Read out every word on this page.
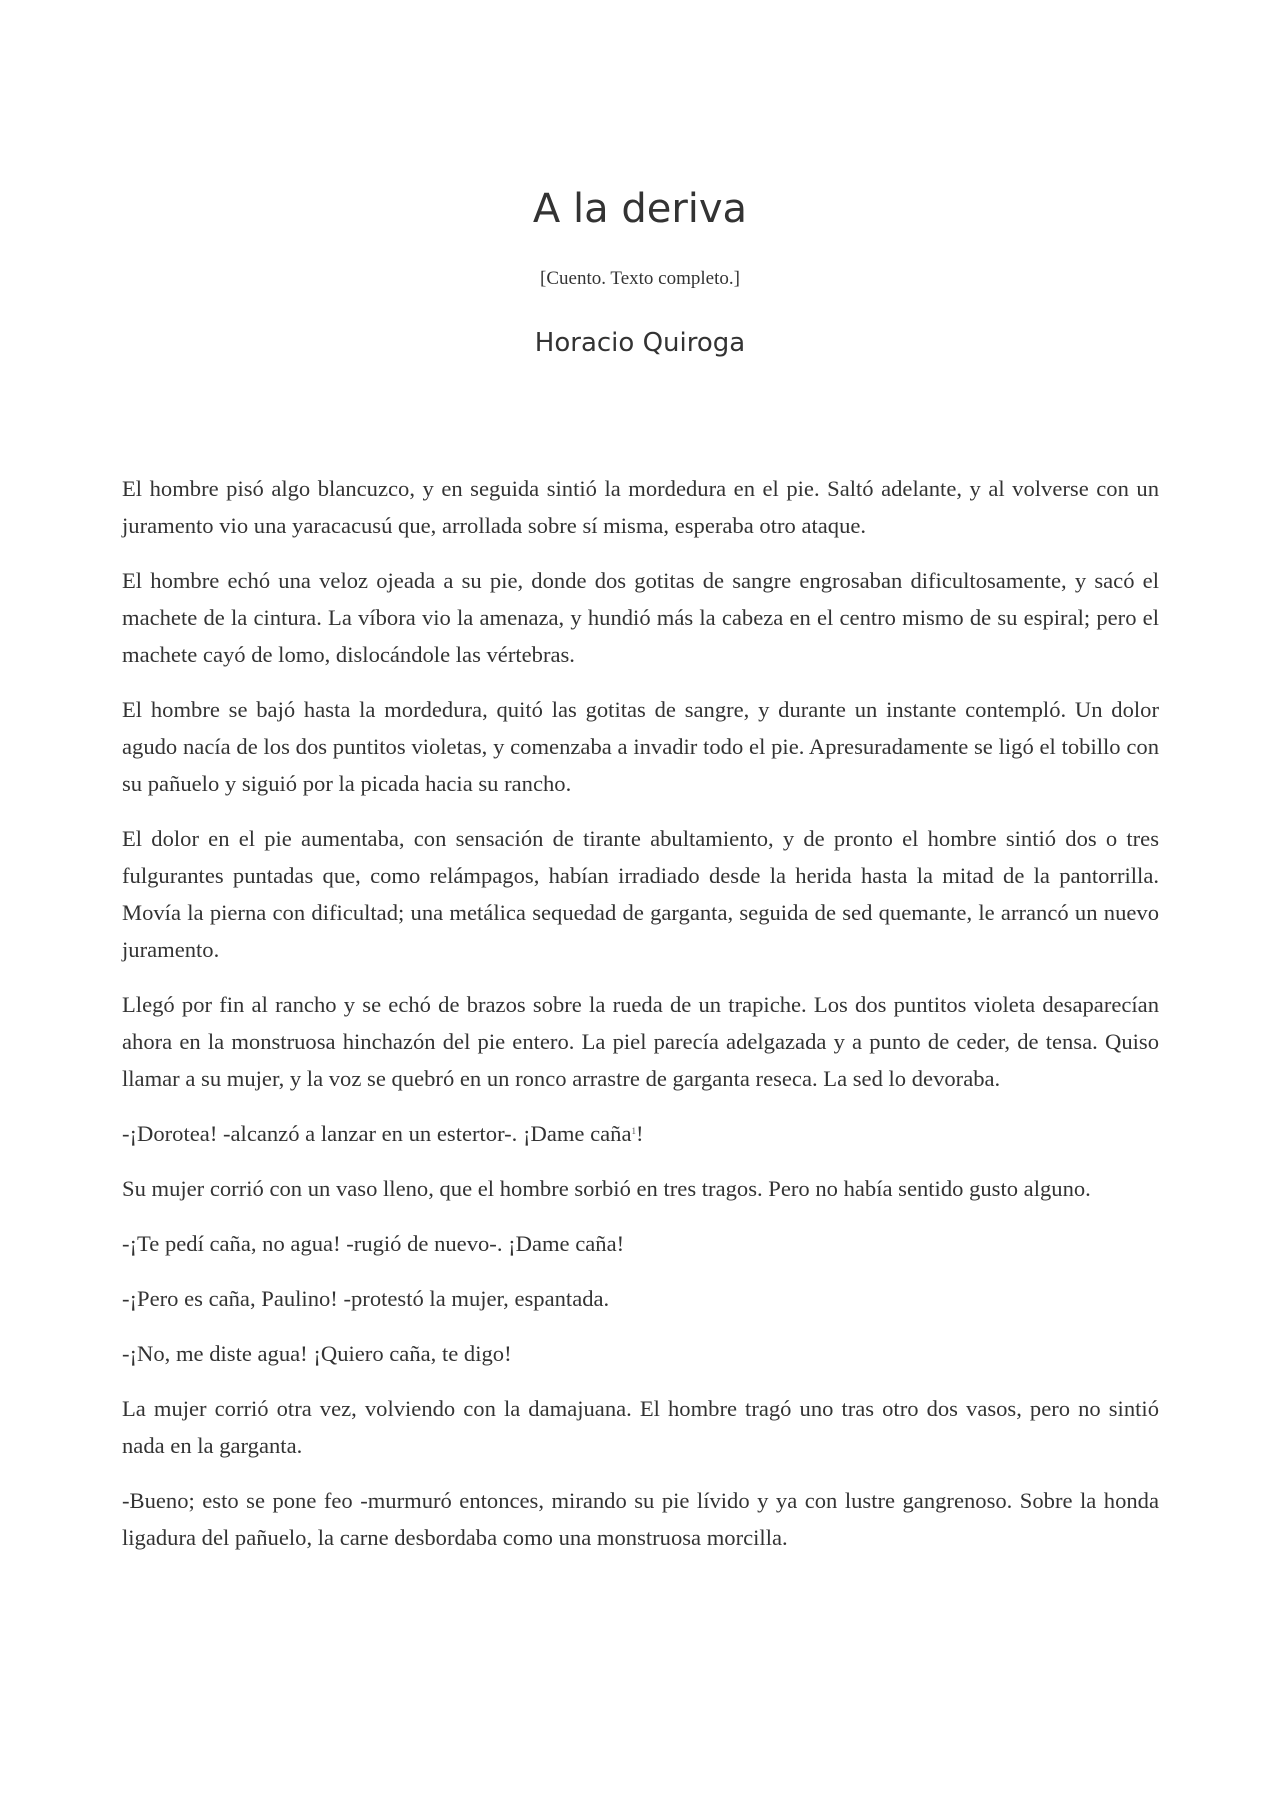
A la deriva
[Cuento. Texto completo.]
Horacio Quiroga

El hombre pisó algo blancuzco, y en seguida sintió la mordedura en el pie. Saltó adelante, y al volverse con un juramento vio una yaracacusú que, arrollada sobre sí misma, esperaba otro ataque.

El hombre echó una veloz ojeada a su pie, donde dos gotitas de sangre engrosaban dificultosamente, y sacó el machete de la cintura. La víbora vio la amenaza, y hundió más la cabeza en el centro mismo de su espiral; pero el machete cayó de lomo, dislocándole las vértebras.

El hombre se bajó hasta la mordedura, quitó las gotitas de sangre, y durante un instante contempló. Un dolor agudo nacía de los dos puntitos violetas, y comenzaba a invadir todo el pie. Apresuradamente se ligó el tobillo con su pañuelo y siguió por la picada hacia su rancho.

El dolor en el pie aumentaba, con sensación de tirante abultamiento, y de pronto el hombre sintió dos o tres fulgurantes puntadas que, como relámpagos, habían irradiado desde la herida hasta la mitad de la pantorrilla. Movía la pierna con dificultad; una metálica sequedad de garganta, seguida de sed quemante, le arrancó un nuevo juramento.

Llegó por fin al rancho y se echó de brazos sobre la rueda de un trapiche. Los dos puntitos violeta desaparecían ahora en la monstruosa hinchazón del pie entero. La piel parecía adelgazada y a punto de ceder, de tensa. Quiso llamar a su mujer, y la voz se quebró en un ronco arrastre de garganta reseca. La sed lo devoraba.

-¡Dorotea! -alcanzó a lanzar en un estertor-. ¡Dame caña$^1$!

Su mujer corrió con un vaso lleno, que el hombre sorbió en tres tragos. Pero no había sentido gusto alguno.

-¡Te pedí caña, no agua! -rugió de nuevo-. ¡Dame caña!

-¡Pero es caña, Paulino! -protestó la mujer, espantada.

-¡No, me diste agua! ¡Quiero caña, te digo!

La mujer corrió otra vez, volviendo con la damajuana. El hombre tragó uno tras otro dos vasos, pero no sintió nada en la garganta.

-Bueno; esto se pone feo -murmuró entonces, mirando su pie lívido y ya con lustre gangrenoso. Sobre la honda ligadura del pañuelo, la carne desbordaba como una monstruosa morcilla.
